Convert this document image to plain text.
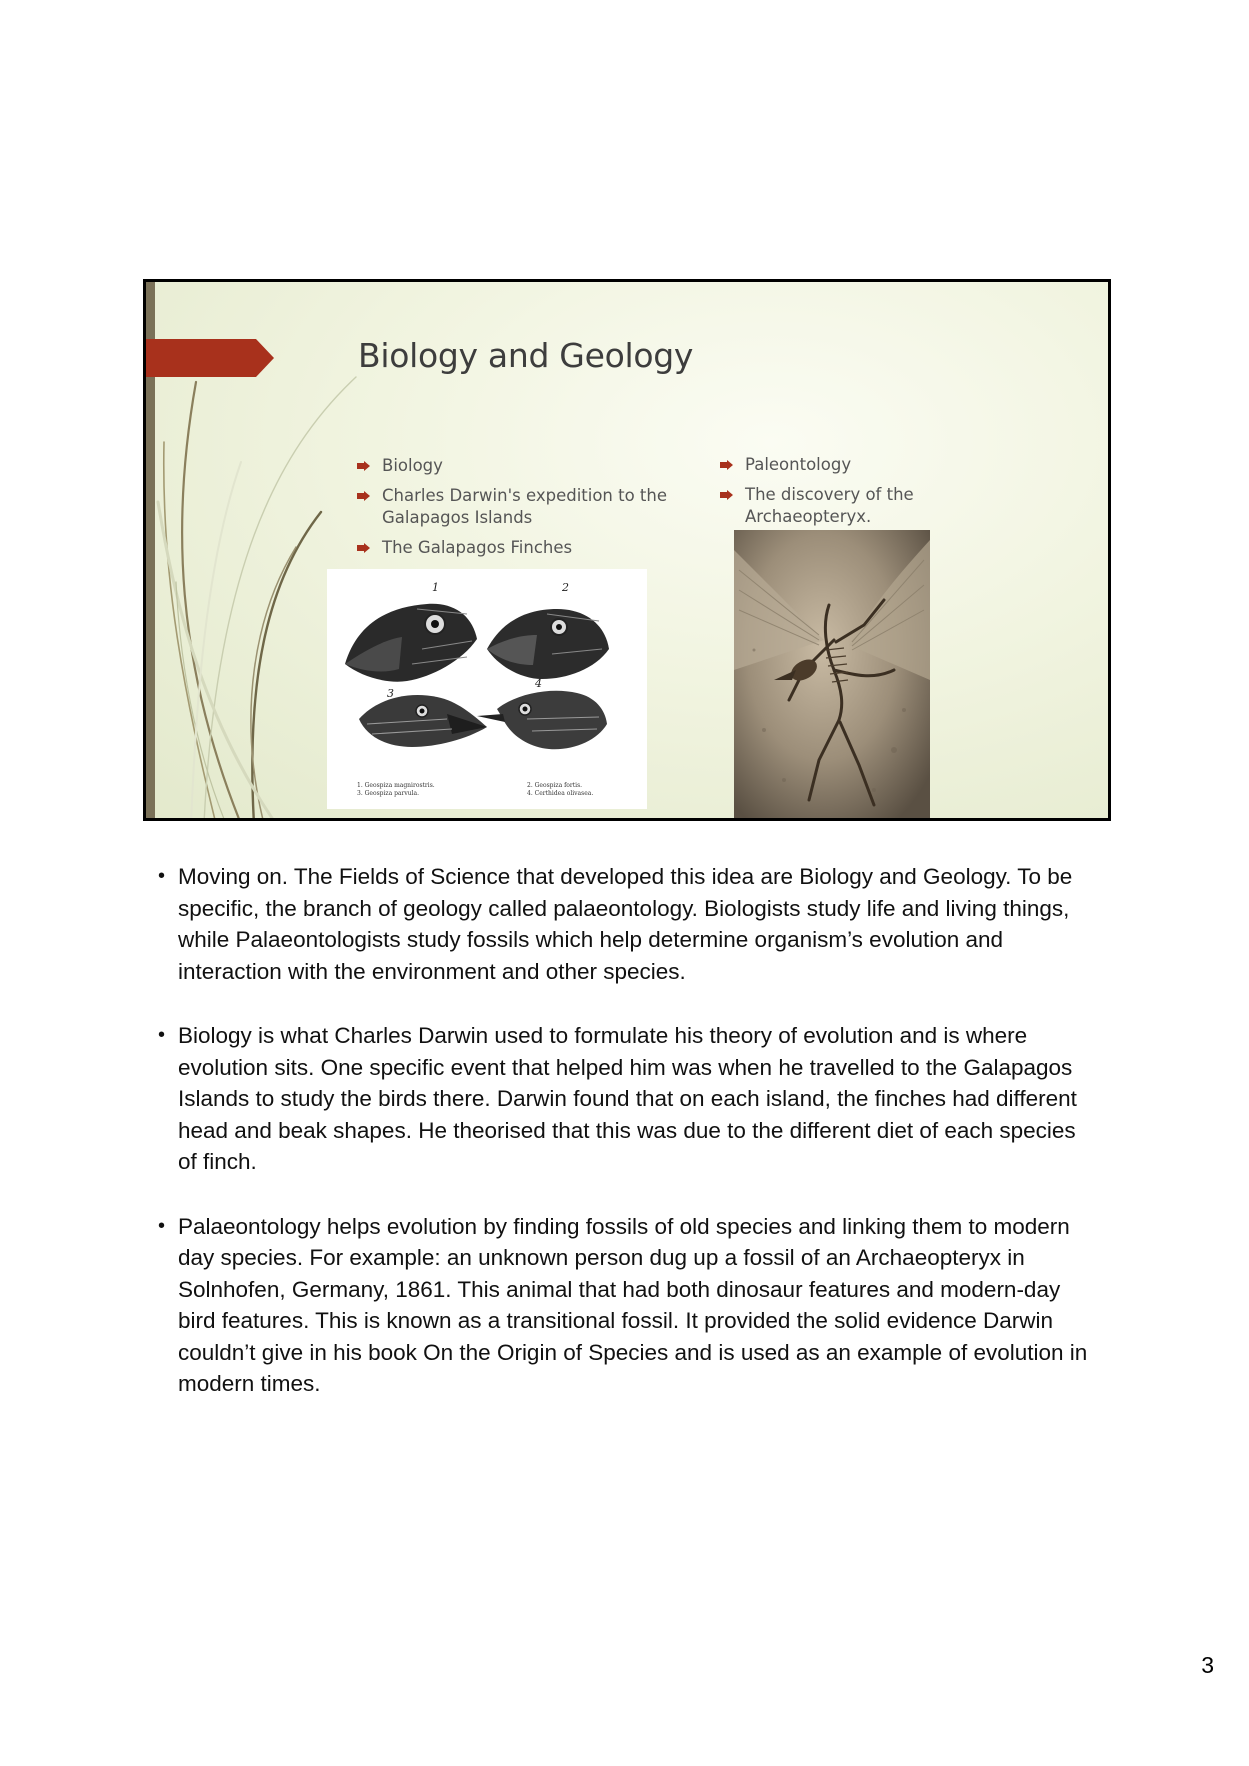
Biology and Geology
Biology
Charles Darwin's expedition to the Galapagos Islands
The Galapagos Finches
Paleontology
The discovery of the Archaeopteryx.
1	2
3
4
1. Geospiza magnirostris.
3. Geospiza parvula.
2. Geospiza fortis.
4. Certhidea olivasea.
• Moving on. The Fields of Science that developed this idea are Biology and Geology. To be specific, the branch of geology called palaeontology. Biologists study life and living things, while Palaeontologists study fossils which help determine organism’s evolution and interaction with the environment and other species.
• Biology is what Charles Darwin used to formulate his theory of evolution and is where evolution sits. One specific event that helped him was when he travelled to the Galapagos Islands to study the birds there. Darwin found that on each island, the finches had different head and beak shapes. He theorised that this was due to the different diet of each species of finch.
• Palaeontology helps evolution by finding fossils of old species and linking them to modern day species. For example: an unknown person dug up a fossil of an Archaeopteryx in Solnhofen, Germany, 1861. This animal that had both dinosaur features and modern-day bird features. This is known as a transitional fossil. It provided the solid evidence Darwin couldn’t give in his book On the Origin of Species and is used as an example of evolution in modern times.
3
